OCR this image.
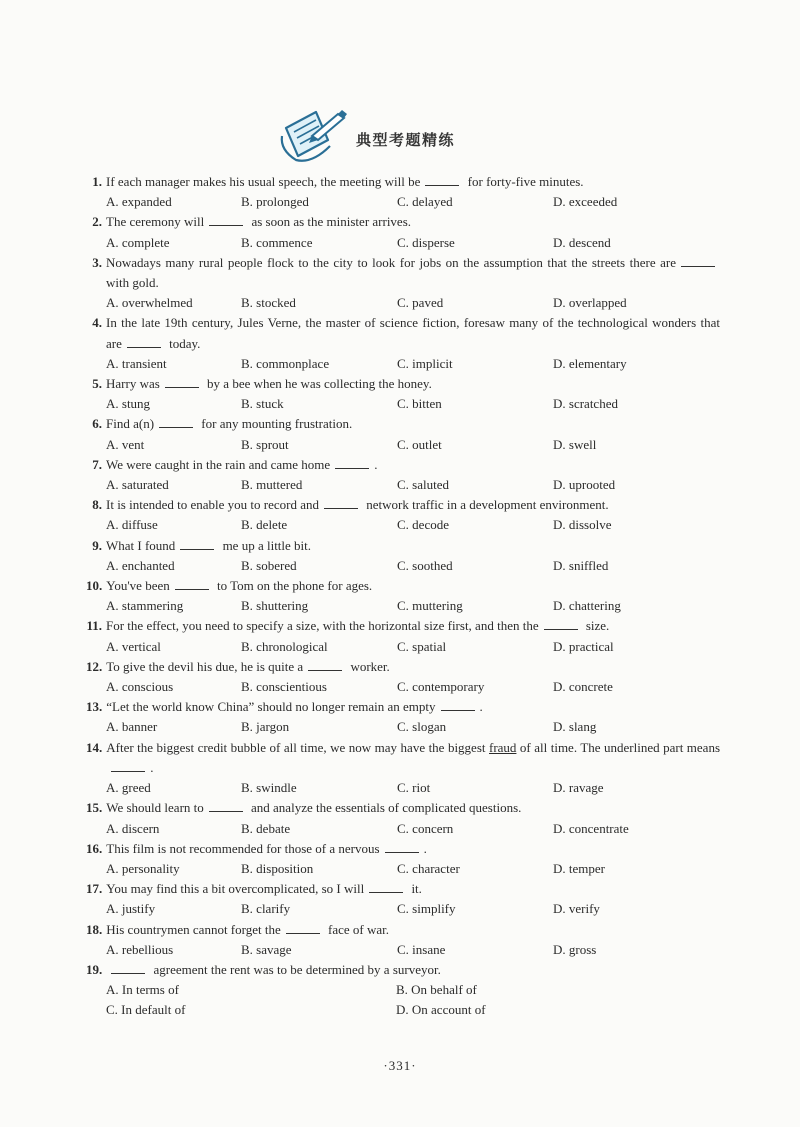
典型考题精练
1. If each manager makes his usual speech, the meeting will be	for forty-five minutes.
A. expanded	B. prolonged	C. delayed	D. exceeded
2. The ceremony will	as soon as the minister arrives.
A. complete	B. commence	C. disperse	D. descend
3. Nowadays many rural people flock to the city to look for jobs on the assumption that the streets there are with gold.
A. overwhelmed	B. stocked	C. paved	D. overlapped
4. In the late 19th century, Jules Verne, the master of science fiction, foresaw many of the technological wonders that are	today.
A. transient	B. commonplace	C. implicit	D. elementary
5. Harry was	by a bee when he was collecting the honey.
A. stung	B. stuck	C. bitten	D. scratched
6. Find a(n)	for any mounting frustration.
A. vent	B. sprout	C. outlet	D. swell
7. We were caught in the rain and came home	.
A. saturated	B. muttered	C. saluted	D. uprooted
8. It is intended to enable you to record and	network traffic in a development environment.
A. diffuse	B. delete	C. decode	D. dissolve
9. What I found	me up a little bit.
A. enchanted	B. sobered	C. soothed	D. sniffled
10. You've been	to Tom on the phone for ages.
A. stammering	B. shuttering	C. muttering	D. chattering
11. For the effect, you need to specify a size, with the horizontal size first, and then the	size.
A. vertical	B. chronological	C. spatial	D. practical
12. To give the devil his due, he is quite a	worker.
A. conscious	B. conscientious	C. contemporary	D. concrete
13. “Let the world know China” should no longer remain an empty	.
A. banner	B. jargon	C. slogan	D. slang
14. After the biggest credit bubble of all time, we now may have the biggest fraud of all time. The underlined part means.
A. greed	B. swindle	C. riot	D. ravage
15. We should learn to	and analyze the essentials of complicated questions.
A. discern	B. debate	C. concern	D. concentrate
16. This film is not recommended for those of a nervous	.
A. personality	B. disposition	C. character	D. temper
17. You may find this a bit overcomplicated, so I will	it.
A. justify	B. clarify	C. simplify	D. verify
18. His countrymen cannot forget the	face of war.
A. rebellious	B. savage	C. insane	D. gross
19.	agreement the rent was to be determined by a surveyor.
A. In terms of	B. On behalf of
C. In default of	D. On account of
·331·
